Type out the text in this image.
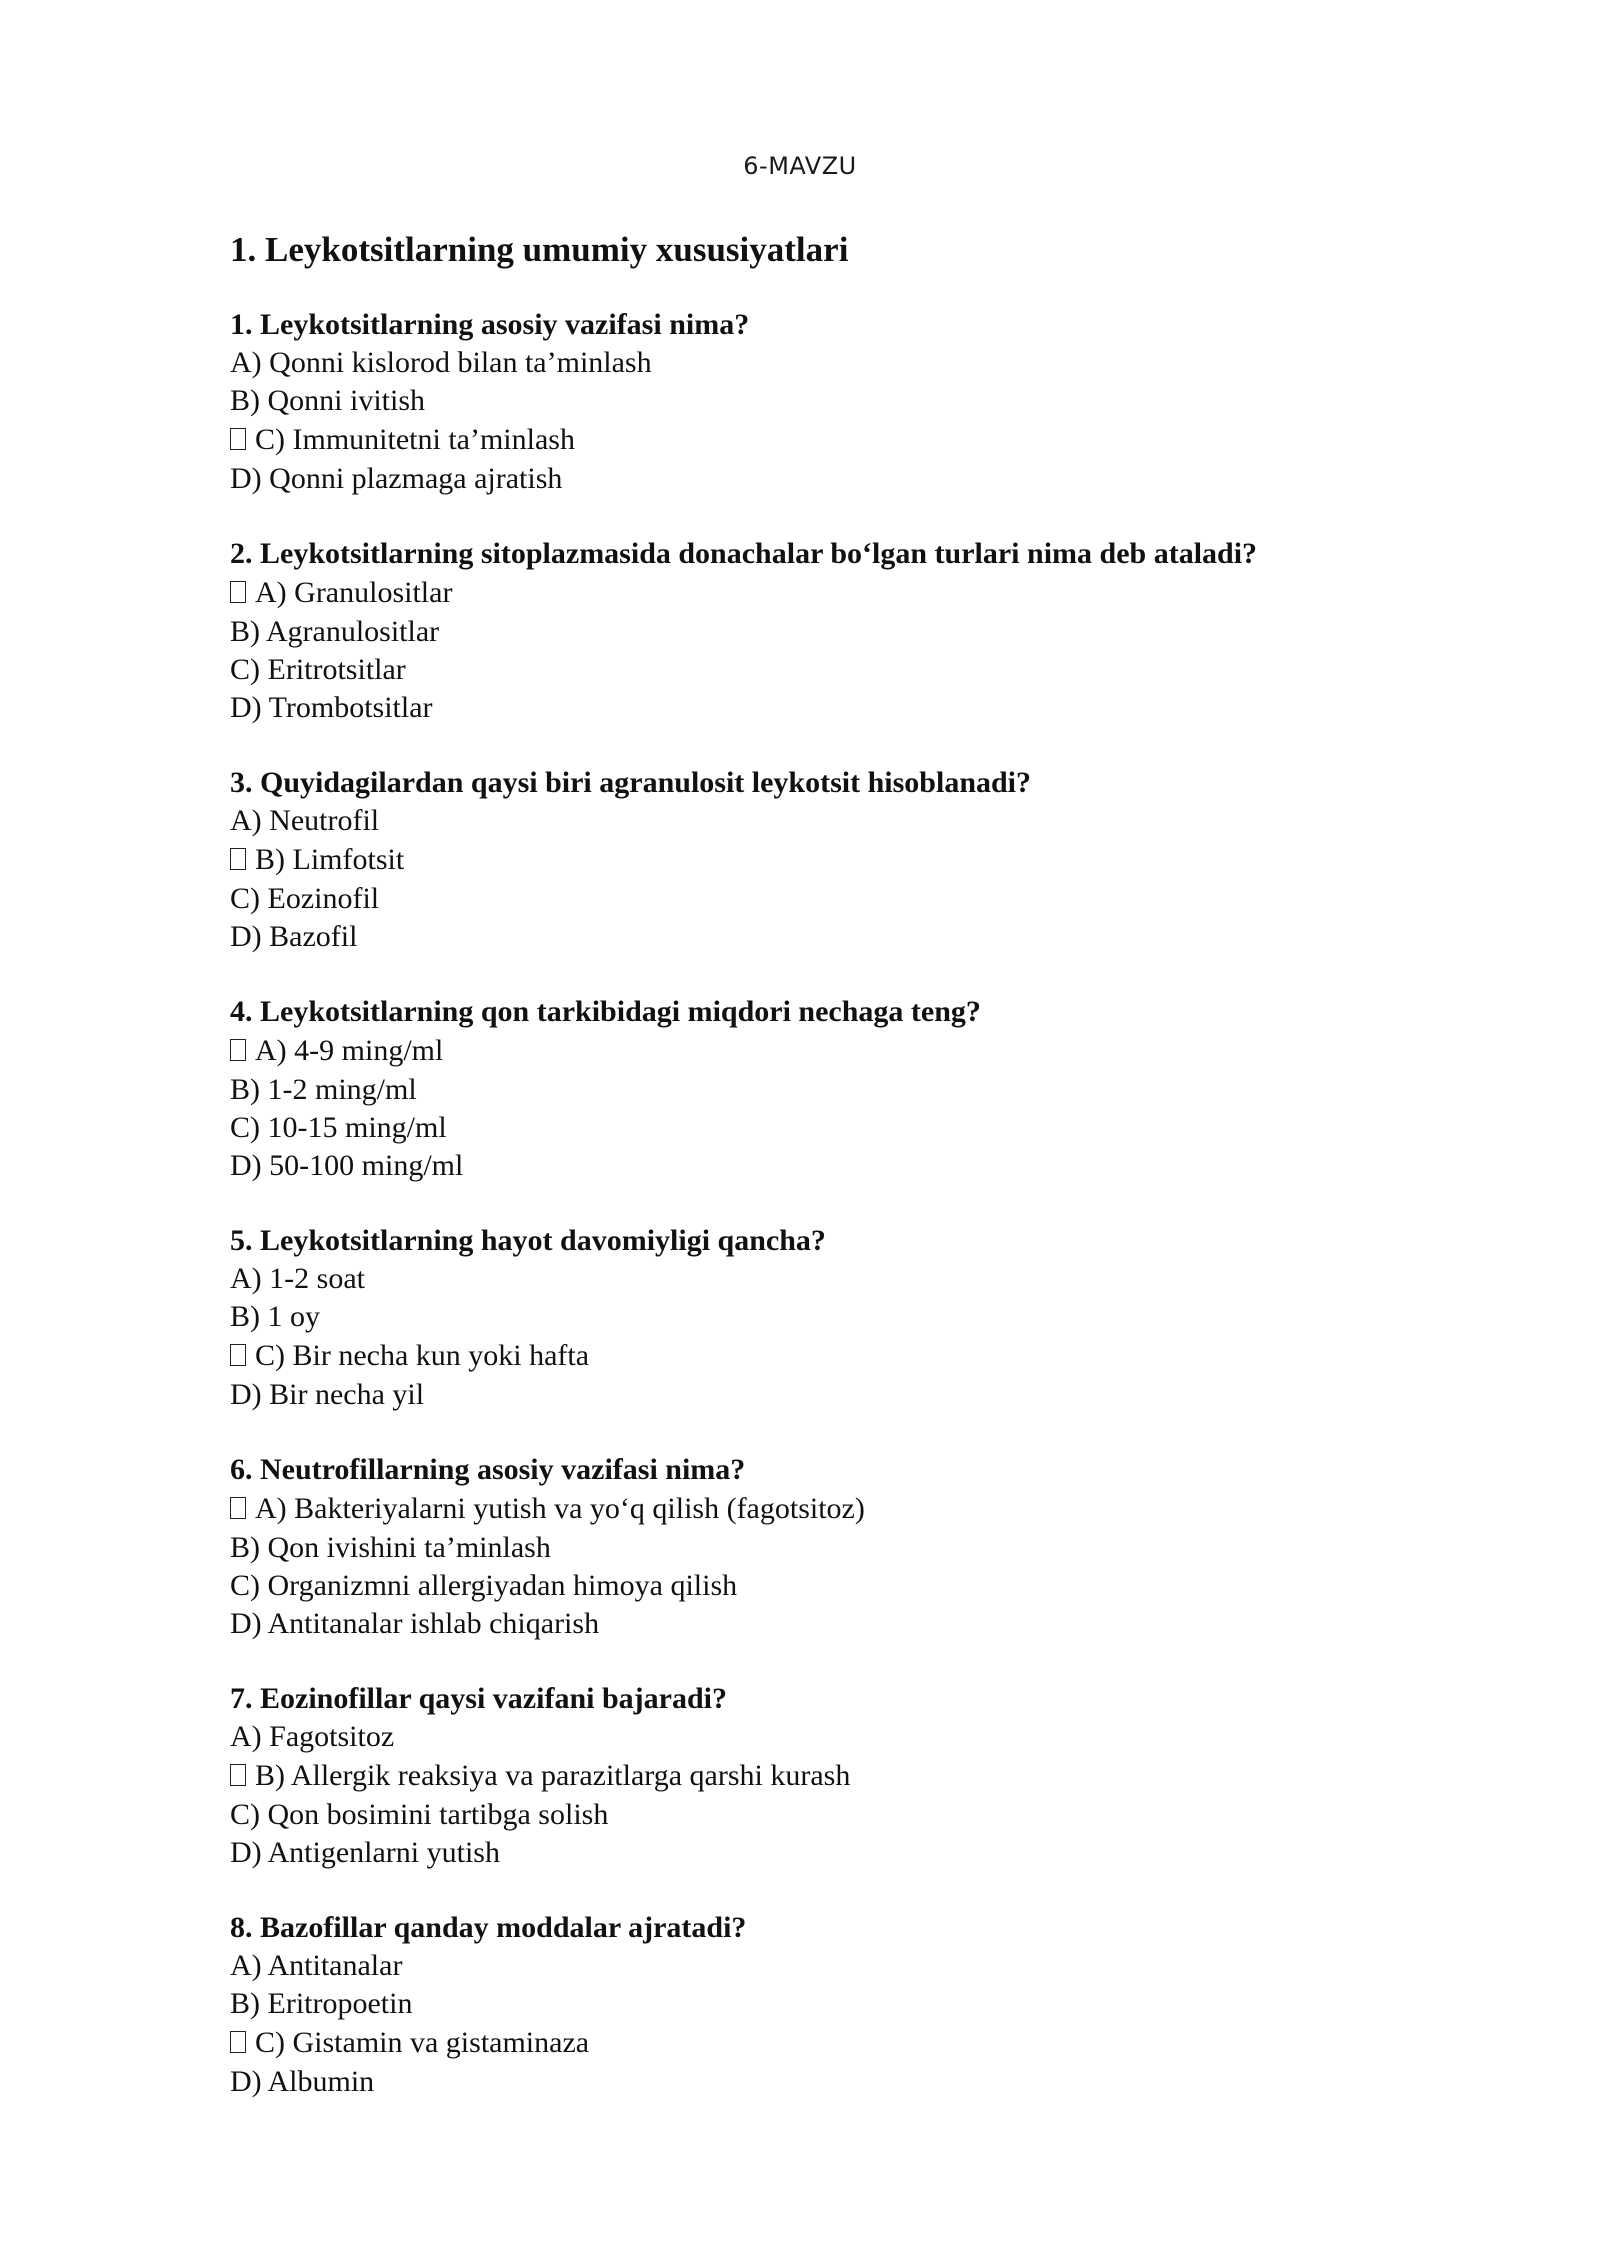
6-MAVZU
1. Leykotsitlarning umumiy xususiyatlari
1. Leykotsitlarning asosiy vazifasi nima?
A) Qonni kislorod bilan ta’minlash
B) Qonni ivitish
C) Immunitetni ta’minlash
D) Qonni plazmaga ajratish
2. Leykotsitlarning sitoplazmasida donachalar bo‘lgan turlari nima deb ataladi?
A) Granulositlar
B) Agranulositlar
C) Eritrotsitlar
D) Trombotsitlar
3. Quyidagilardan qaysi biri agranulosit leykotsit hisoblanadi?
A) Neutrofil
B) Limfotsit
C) Eozinofil
D) Bazofil
4. Leykotsitlarning qon tarkibidagi miqdori nechaga teng?
A) 4-9 ming/ml
B) 1-2 ming/ml
C) 10-15 ming/ml
D) 50-100 ming/ml
5. Leykotsitlarning hayot davomiyligi qancha?
A) 1-2 soat
B) 1 oy
C) Bir necha kun yoki hafta
D) Bir necha yil
6. Neutrofillarning asosiy vazifasi nima?
A) Bakteriyalarni yutish va yo‘q qilish (fagotsitoz)
B) Qon ivishini ta’minlash
C) Organizmni allergiyadan himoya qilish
D) Antitanalar ishlab chiqarish
7. Eozinofillar qaysi vazifani bajaradi?
A) Fagotsitoz
B) Allergik reaksiya va parazitlarga qarshi kurash
C) Qon bosimini tartibga solish
D) Antigenlarni yutish
8. Bazofillar qanday moddalar ajratadi?
A) Antitanalar
B) Eritropoetin
C) Gistamin va gistaminaza
D) Albumin
